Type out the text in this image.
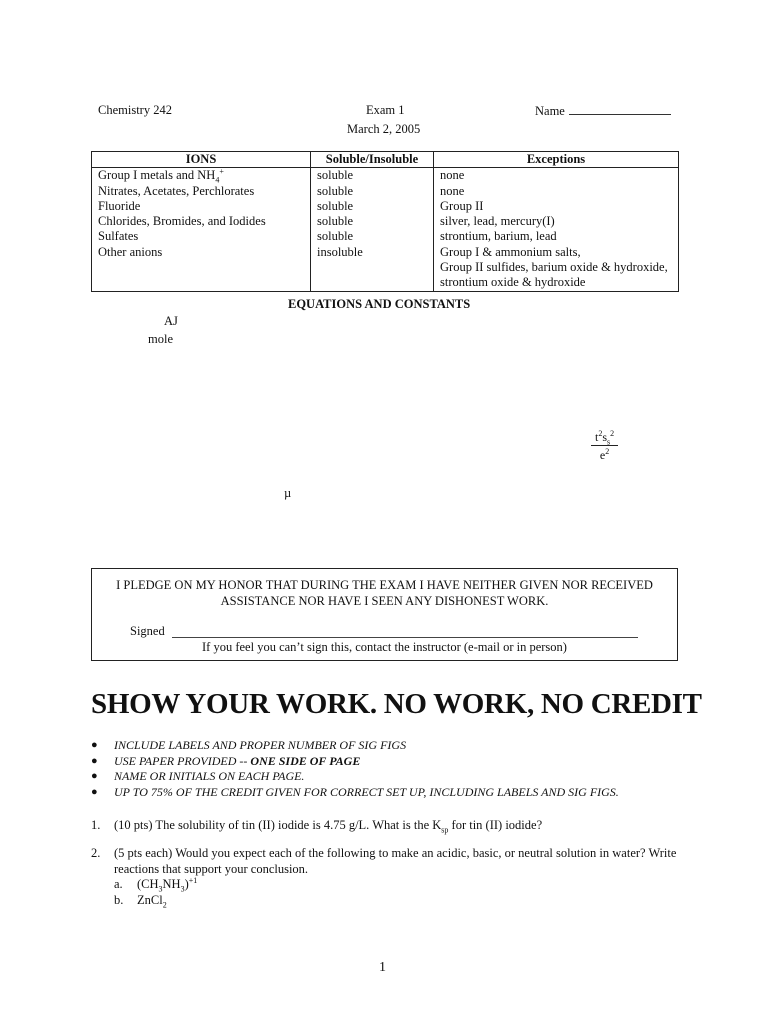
Chemistry 242	Exam 1
March 2, 2005
Name
IONS	Soluble/Insoluble	Exceptions
Group I metals and $NH_4^+$	soluble	none
Nitrates, Acetates, Perchlorates	soluble	none
Fluoride	soluble	Group II
Chlorides, Bromides, and Iodides	soluble	silver, lead, mercury(I)
Sulfates	soluble	strontium, barium, lead
Other anions	insoluble	Group I & ammonium salts,
Group II sulfides, barium oxide & hydroxide,
strontium oxide & hydroxide
EQUATIONS AND CONSTANTS
AJ
mole
$\frac{t^2s_s^2}{e^2}$
µ
I PLEDGE ON MY HONOR THAT DURING THE EXAM I HAVE NEITHER GIVEN NOR RECEIVED
ASSISTANCE NOR HAVE I SEEN ANY DISHONEST WORK.
Signed
If you feel you can’t sign this, contact the instructor (e-mail or in person)
SHOW YOUR WORK. NO WORK, NO CREDIT
● INCLUDE LABELS AND PROPER NUMBER OF SIG FIGS
● USE PAPER PROVIDED -- ONE SIDE OF PAGE
● NAME OR INITIALS ON EACH PAGE.
● UP TO 75% OF THE CREDIT GIVEN FOR CORRECT SET UP, INCLUDING LABELS AND SIG FIGS.
1. (10 pts) The solubility of tin (II) iodide is 4.75 g/L. What is the $K_{sp}$ for tin (II) iodide?
2. (5 pts each) Would you expect each of the following to make an acidic, basic, or neutral solution in water? Write
reactions that support your conclusion.
a. $(CH_3NH_3)^{+1}$
b. ZnCl$_2$
1
